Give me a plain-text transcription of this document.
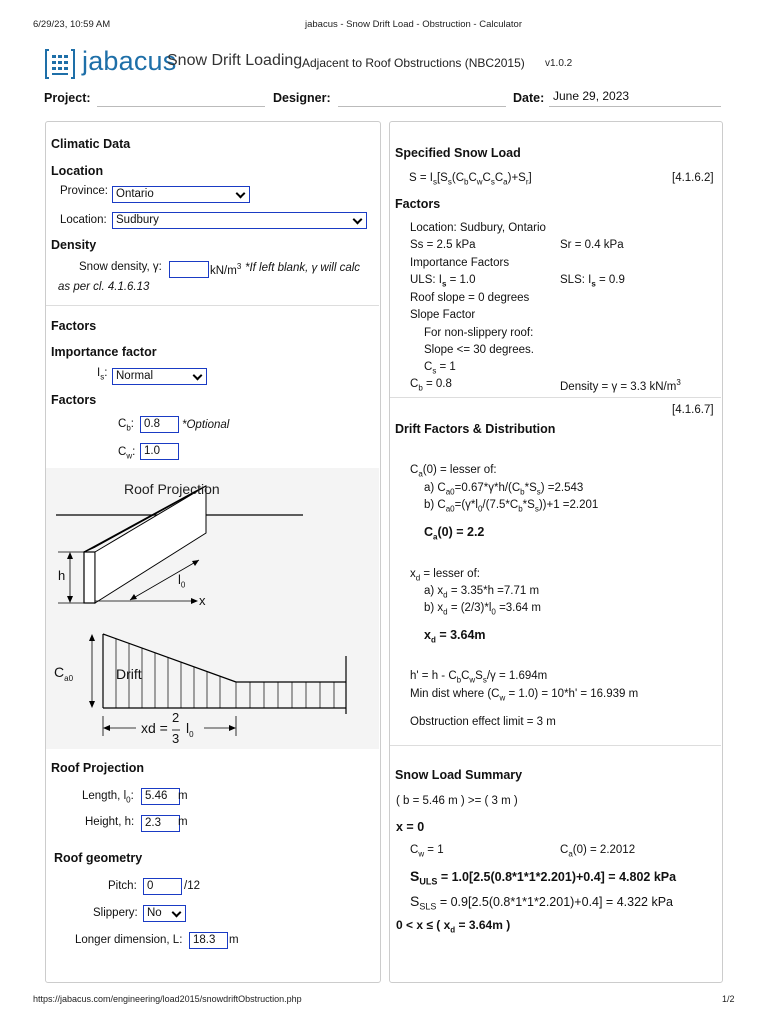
6/29/23, 10:59 AM	jabacus - Snow Drift Load - Obstruction - Calculator
jabacus
Snow Drift Loading Adjacent to Roof Obstructions (NBC2015) v1.0.2
Project:	Designer:	Date: June 29, 2023
Climatic Data
Location
Province: Ontario
Location: Sudbury
Density
Snow density, γ:	$kN/m^3$ *If left blank, γ will calc
as per cl. 4.1.6.13
Factors
Importance factor
$I_s$: Normal
Factors
$C_b$: 0.8	*Optional
$C_w$: 1.0
Roof Projection
h	$l_0$
x
$C_{a0}$	Drift
xd =
2
3
$l_0$
Roof Projection
Length, $l_0$: 5.46 m
Height, h: 2.3	m
Roof geometry
Pitch: 0	/12
Slippery: No
Longer dimension, L: 18.3	m
Specified Snow Load
$S = I_s[S_s(C_bC_wC_sC_a)+S_r]$	[4.1.6.2]
Factors
Location: Sudbury, Ontario
Ss = 2.5 kPa	Sr = 0.4 kPa
Importance Factors
ULS: $I_s = 1.0$	SLS: $I_s = 0.9$
Roof slope = 0 degrees
Slope Factor
For non-slippery roof:
Slope <= 30 degrees.
$C_s = 1$
$C_b = 0.8$	Density = γ = 3.3 $kN/m^3$
[4.1.6.7]
Drift Factors & Distribution
$C_a(0)$ = lesser of:
a) $C_{a0}=0.67*\gamma*h/(C_b*S_s) =2.543$
b) $C_{a0}=(\gamma*l_0/(7.5*C_b*S_s))+1 =2.201$
$C_a(0) = 2.2$
$x_d$ = lesser of:
a) $x_d = 3.35*h =7.71$ m
b) $x_d = (2/3)*l_0 =3.64$ m
$x_d = 3.64m$
$h' = h - C_bC_wS_s/\gamma = 1.694m$
Min dist where $(C_w = 1.0) = 10*h' = 16.939$ m
Obstruction effect limit = 3 m
Snow Load Summary
( b = 5.46 m ) >= ( 3 m )
x = 0
$C_w = 1$	$C_a(0) = 2.2012$
$S_{ULS} = 1.0[2.5(0.8*1*1*2.201)+0.4] = 4.802$ kPa
$S_{SLS} = 0.9[2.5(0.8*1*1*2.201)+0.4] = 4.322$ kPa
0 < x ≤ ( $x_d = 3.64m$ )
https://jabacus.com/engineering/load2015/snowdriftObstruction.php	1/2
